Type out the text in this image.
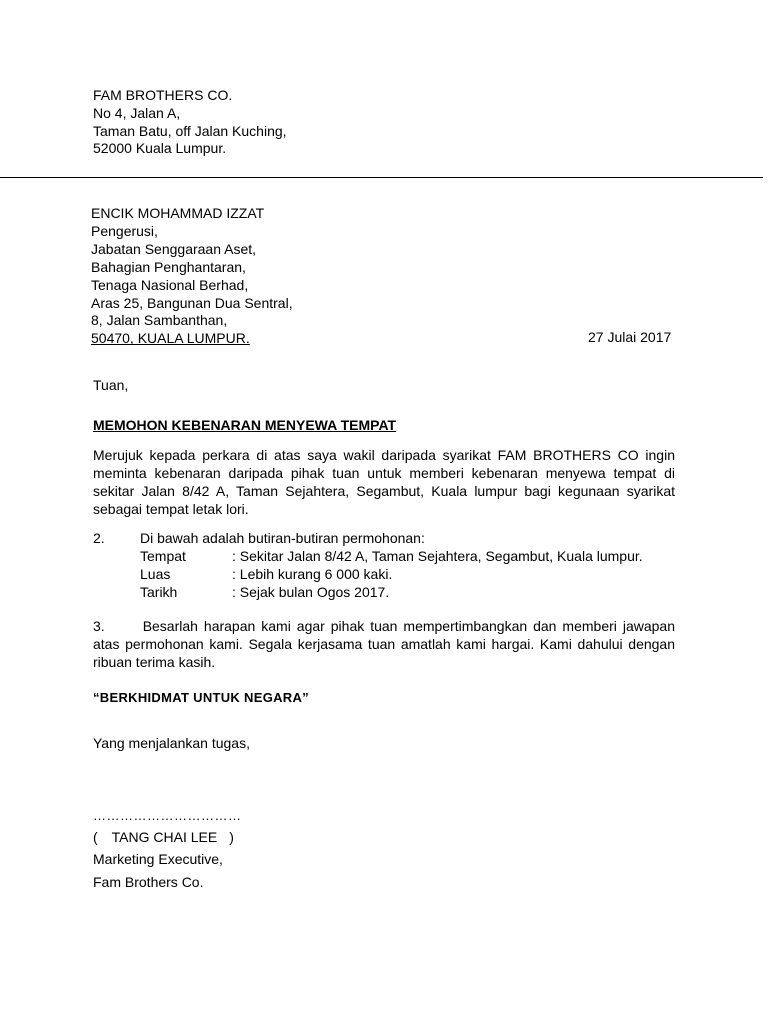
FAM BROTHERS CO.
No 4, Jalan A,
Taman Batu, off Jalan Kuching,
52000 Kuala Lumpur.
ENCIK MOHAMMAD IZZAT
Pengerusi,
Jabatan Senggaraan Aset,
Bahagian Penghantaran,
Tenaga Nasional Berhad,
Aras 25, Bangunan Dua Sentral,
8, Jalan Sambanthan,
50470, KUALA LUMPUR.	27 Julai 2017
Tuan,
MEMOHON KEBENARAN MENYEWA TEMPAT
Merujuk kepada perkara di atas saya wakil daripada syarikat FAM BROTHERS CO ingin meminta kebenaran daripada pihak tuan untuk memberi kebenaran menyewa tempat di sekitar Jalan 8/42 A, Taman Sejahtera, Segambut, Kuala lumpur bagi kegunaan syarikat sebagai tempat letak lori.
2.	Di bawah adalah butiran-butiran permohonan:
Tempat	: Sekitar Jalan 8/42 A, Taman Sejahtera, Segambut, Kuala lumpur.
Luas	: Lebih kurang 6 000 kaki.
Tarikh	: Sejak bulan Ogos 2017.
3.	Besarlah harapan kami agar pihak tuan mempertimbangkan dan memberi jawapan atas permohonan kami. Segala kerjasama tuan amatlah kami hargai. Kami dahului dengan ribuan terima kasih.
“BERKHIDMAT UNTUK NEGARA”
Yang menjalankan tugas,
……………………………
( TANG CHAI LEE )
Marketing Executive,
Fam Brothers Co.
